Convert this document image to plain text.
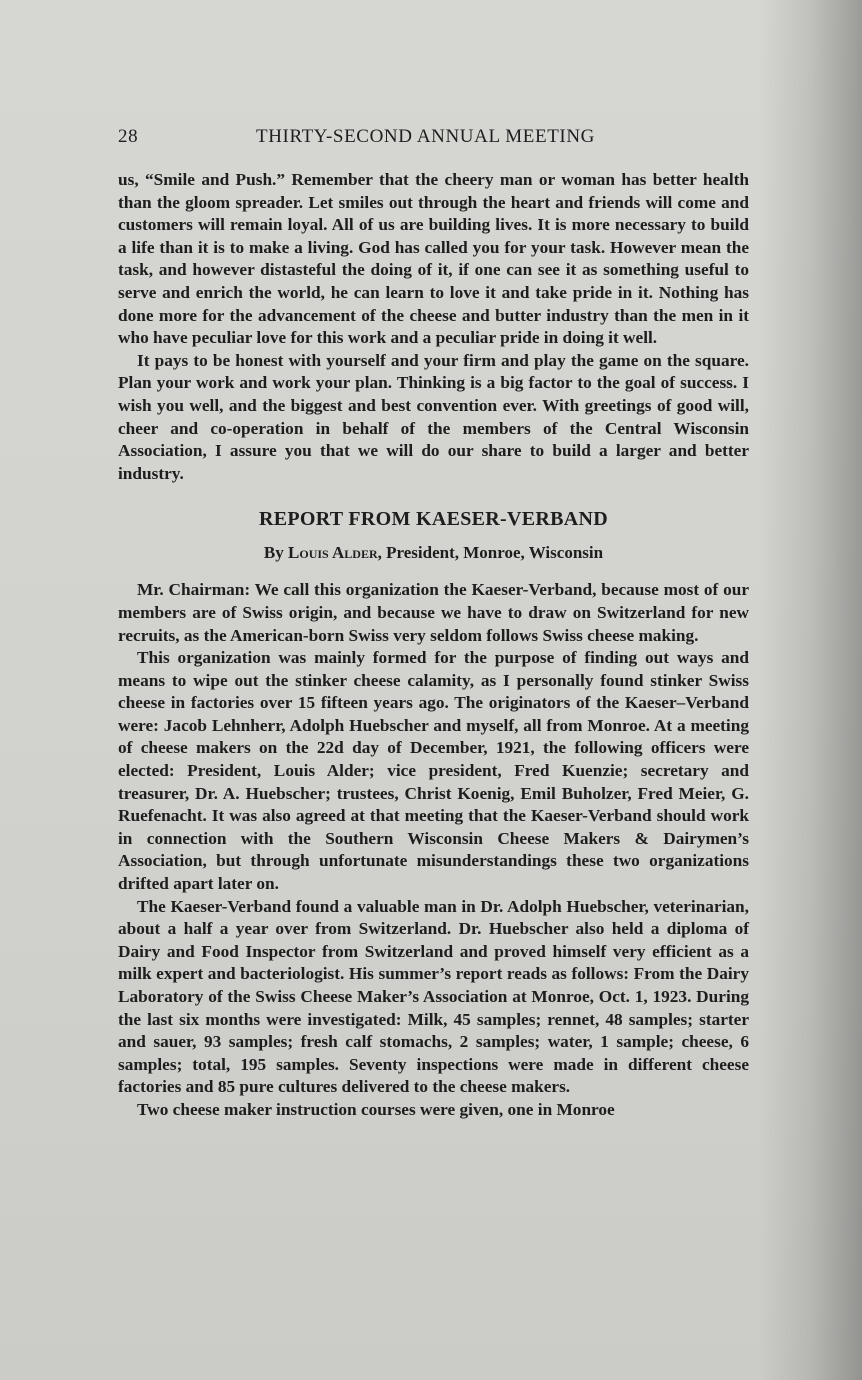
28	THIRTY-SECOND ANNUAL MEETING

us, “Smile and Push.” Remember that the cheery man or woman has better health than the gloom spreader. Let smiles out through the heart and friends will come and customers will remain loyal. All of us are building lives. It is more necessary to build a life than it is to make a living. God has called you for your task. However mean the task, and however distasteful the doing of it, if one can see it as something useful to serve and enrich the world, he can learn to love it and take pride in it. Nothing has done more for the advancement of the cheese and butter industry than the men in it who have peculiar love for this work and a peculiar pride in doing it well.

It pays to be honest with yourself and your firm and play the game on the square. Plan your work and work your plan. Thinking is a big factor to the goal of success. I wish you well, and the biggest and best convention ever. With greetings of good will, cheer and co-operation in behalf of the members of the Central Wisconsin Association, I assure you that we will do our share to build a larger and better industry.

REPORT FROM KAESER-VERBAND
By Louis Alder, President, Monroe, Wisconsin

Mr. Chairman: We call this organization the Kaeser-Verband, because most of our members are of Swiss origin, and because we have to draw on Switzerland for new recruits, as the American-born Swiss very seldom follows Swiss cheese making.

This organization was mainly formed for the purpose of finding out ways and means to wipe out the stinker cheese calamity, as I personally found stinker Swiss cheese in factories over 15 fifteen years ago. The originators of the Kaeser–Verband were: Jacob Lehnherr, Adolph Huebscher and myself, all from Monroe. At a meeting of cheese makers on the 22d day of December, 1921, the following officers were elected: President, Louis Alder; vice president, Fred Kuenzie; secretary and treasurer, Dr. A. Huebscher; trustees, Christ Koenig, Emil Buholzer, Fred Meier, G. Ruefenacht. It was also agreed at that meeting that the Kaeser-Verband should work in connection with the Southern Wisconsin Cheese Makers & Dairymen’s Association, but through unfortunate misunderstandings these two organizations drifted apart later on.

The Kaeser-Verband found a valuable man in Dr. Adolph Huebscher, veterinarian, about a half a year over from Switzerland. Dr. Huebscher also held a diploma of Dairy and Food Inspector from Switzerland and proved himself very efficient as a milk expert and bacteriologist. His summer’s report reads as follows: From the Dairy Laboratory of the Swiss Cheese Maker’s Association at Monroe, Oct. 1, 1923. During the last six months were investigated: Milk, 45 samples; rennet, 48 samples; starter and sauer, 93 samples; fresh calf stomachs, 2 samples; water, 1 sample; cheese, 6 samples; total, 195 samples. Seventy inspections were made in different cheese factories and 85 pure cultures delivered to the cheese makers.

Two cheese maker instruction courses were given, one in Monroe
